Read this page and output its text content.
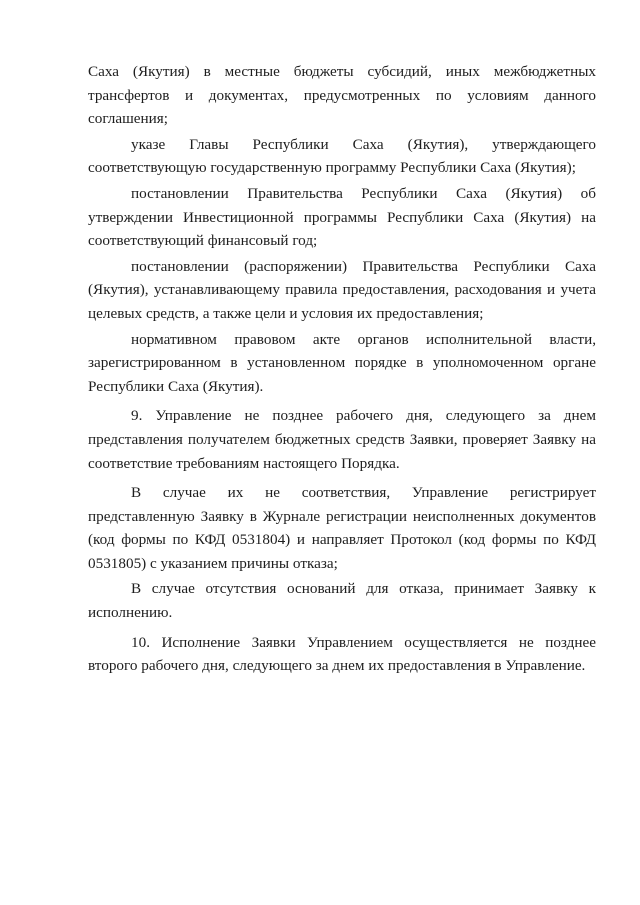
Саха (Якутия) в местные бюджеты субсидий, иных межбюджетных трансфертов и документах, предусмотренных по условиям данного соглашения;

указе Главы Республики Саха (Якутия), утверждающего соответствующую государственную программу Республики Саха (Якутия);

постановлении Правительства Республики Саха (Якутия) об утверждении Инвестиционной программы Республики Саха (Якутия) на соответствующий финансовый год;

постановлении (распоряжении) Правительства Республики Саха (Якутия), устанавливающему правила предоставления, расходования и учета целевых средств, а также цели и условия их предоставления;

нормативном правовом акте органов исполнительной власти, зарегистрированном в установленном порядке в уполномоченном органе Республики Саха (Якутия).

9. Управление не позднее рабочего дня, следующего за днем представления получателем бюджетных средств Заявки, проверяет Заявку на соответствие требованиям настоящего Порядка.

В случае их не соответствия, Управление регистрирует представленную Заявку в Журнале регистрации неисполненных документов (код формы по КФД 0531804) и направляет Протокол (код формы по КФД 0531805) с указанием причины отказа;

В случае отсутствия оснований для отказа, принимает Заявку к исполнению.

10. Исполнение Заявки Управлением осуществляется не позднее второго рабочего дня, следующего за днем их предоставления в Управление.
